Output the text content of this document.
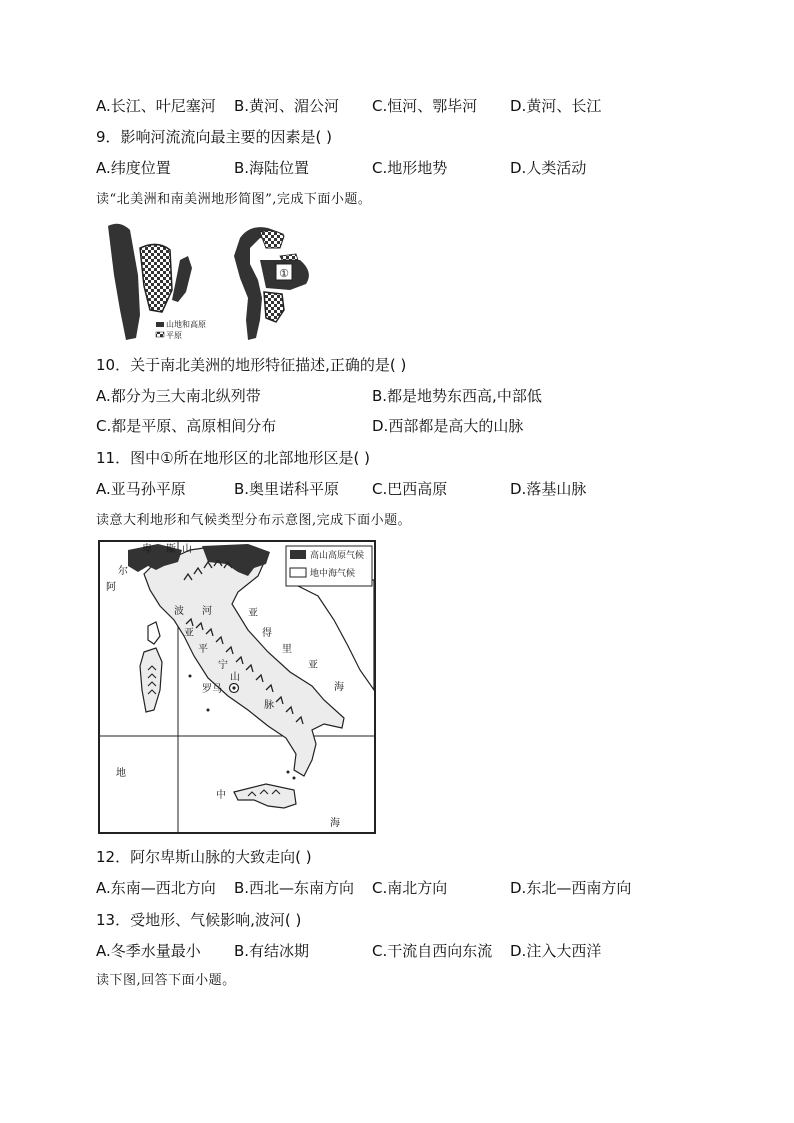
A.长江、叶尼塞河 B.黄河、湄公河 C.恒河、鄂毕河 D.黄河、长江
9．影响河流流向最主要的因素是( )
A.纬度位置	B.海陆位置	C.地形地势	D.人类活动
读“北美洲和南美洲地形简图”,完成下面小题。
①
山地和高原
平原
10．关于南北美洲的地形特征描述,正确的是( )
A.都分为三大南北纵列带	B.都是地势东西高,中部低
C.都是平原、高原相间分布	D.西部都是高大的山脉
11．图中①所在地形区的北部地形区是( )
A.亚马孙平原	B.奥里诺科平原 C.巴西高原	D.落基山脉
读意大利地形和气候类型分布示意图,完成下面小题。
高山高原气候
地中海气候
卑 斯 山
尔
阿
波 河
亚
平
宁
山
脉
罗马
亚
得
里
亚
海
地
中
海
12．阿尔卑斯山脉的大致走向( )
A.东南—西北方向 B.西北—东南方向 C.南北方向	D.东北—西南方向
13．受地形、气候影响,波河( )
A.冬季水量最小 B.有结冰期	C.干流自西向东流 D.注入大西洋
读下图,回答下面小题。
